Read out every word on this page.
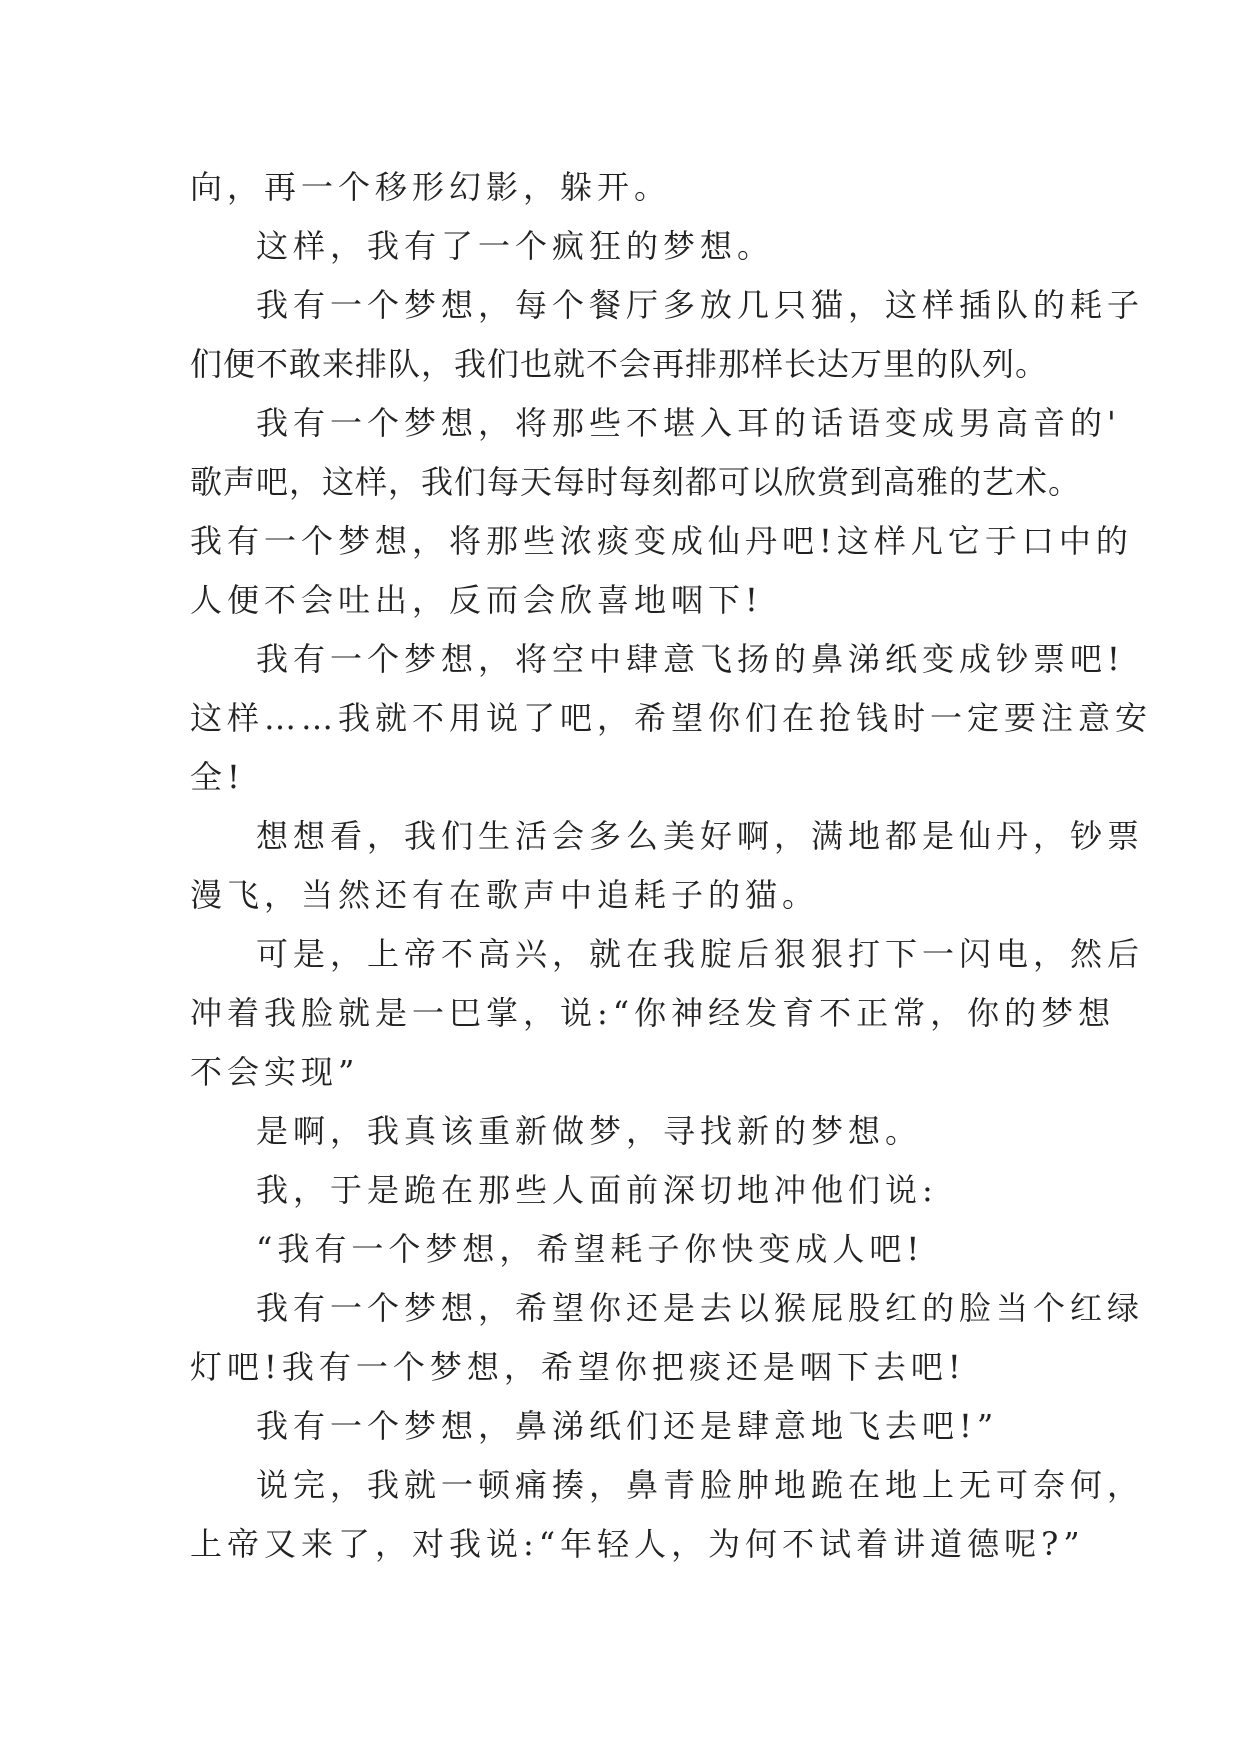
向，再一个移形幻影，躲开。
这样，我有了一个疯狂的梦想。
我有一个梦想，每个餐厅多放几只猫，这样插队的耗子
们便不敢来排队，我们也就不会再排那样长达万里的队列。
我有一个梦想，将那些不堪入耳的话语变成男高音的'
歌声吧，这样，我们每天每时每刻都可以欣赏到高雅的艺术。
我有一个梦想，将那些浓痰变成仙丹吧!这样凡它于口中的
人便不会吐出，反而会欣喜地咽下!
我有一个梦想，将空中肆意飞扬的鼻涕纸变成钞票吧!
这样……我就不用说了吧，希望你们在抢钱时一定要注意安
全!
想想看，我们生活会多么美好啊，满地都是仙丹，钞票
漫飞，当然还有在歌声中追耗子的猫。
可是，上帝不高兴，就在我腚后狠狠打下一闪电，然后
冲着我脸就是一巴掌，说:“你神经发育不正常，你的梦想
不会实现”
是啊，我真该重新做梦，寻找新的梦想。
我，于是跪在那些人面前深切地冲他们说:
“我有一个梦想，希望耗子你快变成人吧!
我有一个梦想，希望你还是去以猴屁股红的脸当个红绿
灯吧!我有一个梦想，希望你把痰还是咽下去吧!
我有一个梦想，鼻涕纸们还是肆意地飞去吧!”
说完，我就一顿痛揍，鼻青脸肿地跪在地上无可奈何，
上帝又来了，对我说:“年轻人，为何不试着讲道德呢?”
